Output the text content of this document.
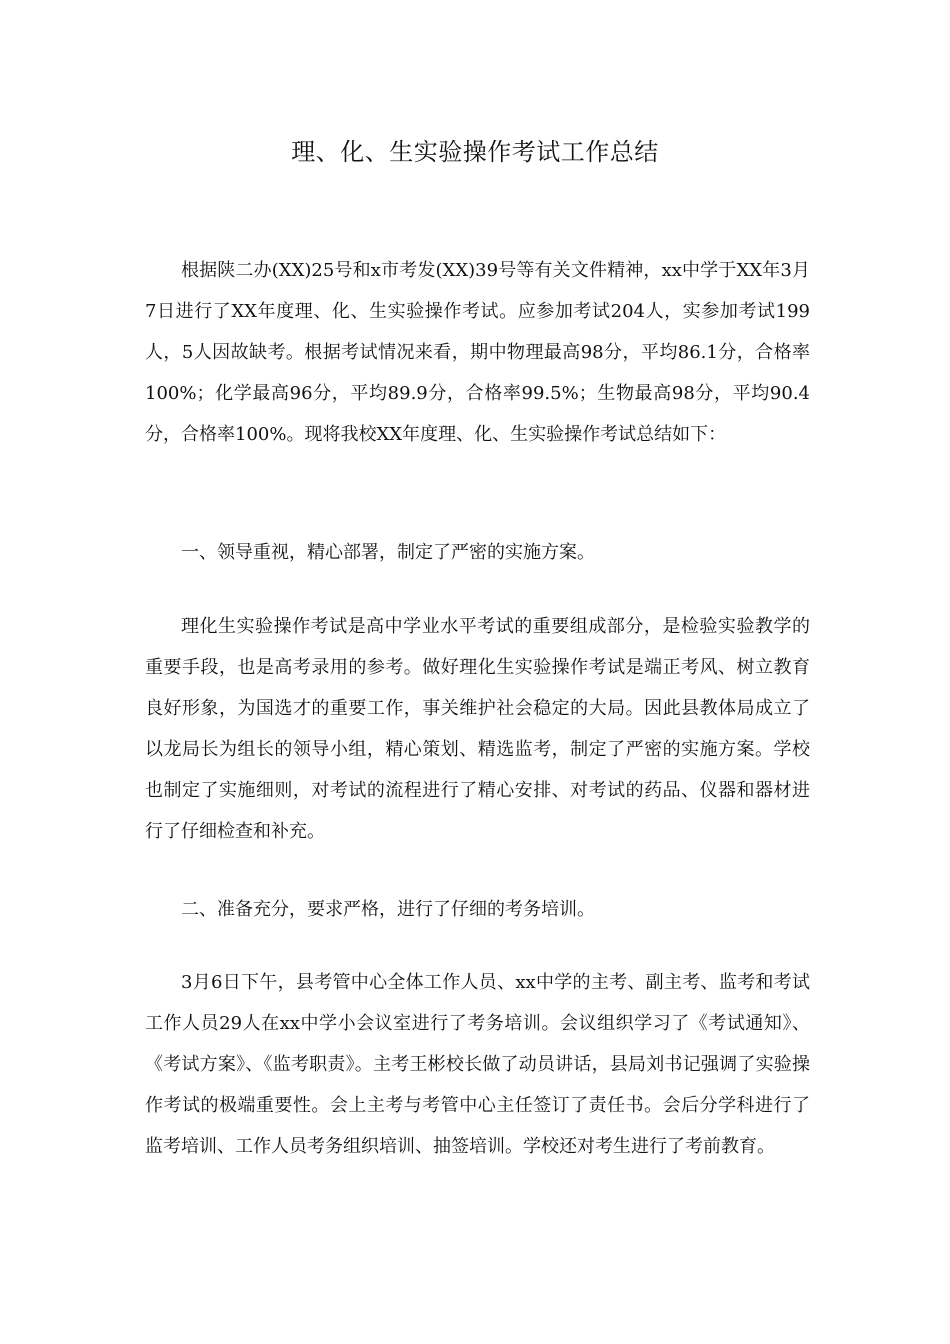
理、化、生实验操作考试工作总结

根据陕二办(XX)25号和x市考发(XX)39号等有关文件精神，xx中学于XX年3月7日进行了XX年度理、化、生实验操作考试。应参加考试204人，实参加考试199人，5人因故缺考。根据考试情况来看，期中物理最高98分，平均86.1分，合格率100%；化学最高96分，平均89.9分，合格率99.5%；生物最高98分，平均90.4分，合格率100%。现将我校XX年度理、化、生实验操作考试总结如下：

一、领导重视，精心部署，制定了严密的实施方案。

理化生实验操作考试是高中学业水平考试的重要组成部分，是检验实验教学的重要手段，也是高考录用的参考。做好理化生实验操作考试是端正考风、树立教育良好形象，为国选才的重要工作，事关维护社会稳定的大局。因此县教体局成立了以龙局长为组长的领导小组，精心策划、精选监考，制定了严密的实施方案。学校也制定了实施细则，对考试的流程进行了精心安排、对考试的药品、仪器和器材进行了仔细检查和补充。

二、准备充分，要求严格，进行了仔细的考务培训。

3月6日下午，县考管中心全体工作人员、xx中学的主考、副主考、监考和考试工作人员29人在xx中学小会议室进行了考务培训。会议组织学习了《考试通知》、《考试方案》、《监考职责》。主考王彬校长做了动员讲话，县局刘书记强调了实验操作考试的极端重要性。会上主考与考管中心主任签订了责任书。会后分学科进行了监考培训、工作人员考务组织培训、抽签培训。学校还对考生进行了考前教育。
